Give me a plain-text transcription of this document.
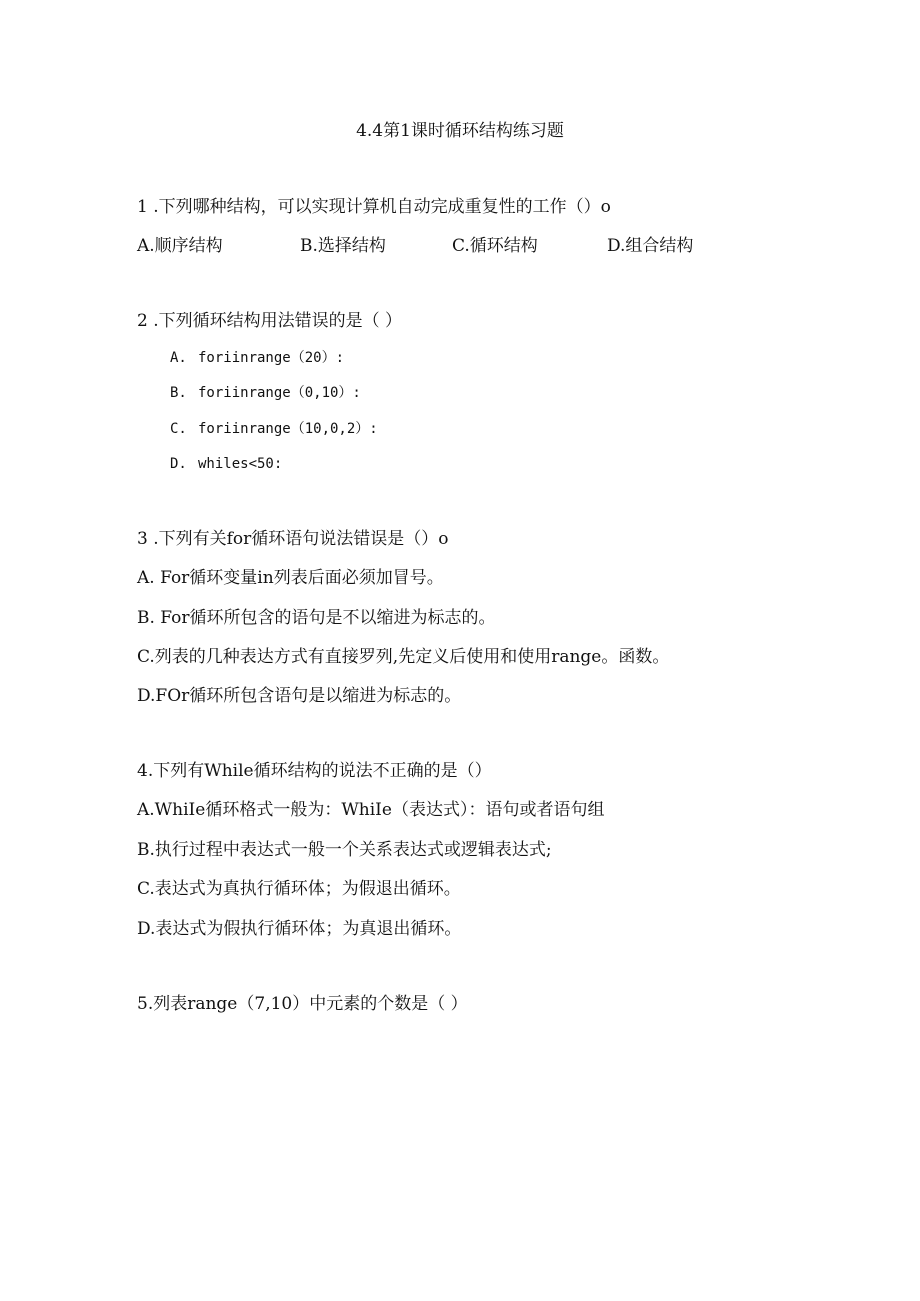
4.4第1课时循环结构练习题
1 .下列哪种结构，可以实现计算机自动完成重复性的工作（）o
A.顺序结构	B.选择结构	C.循环结构	D.组合结构
2 .下列循环结构用法错误的是（ ）
A. foriinrange（20）:
B. foriinrange（0,10）:
C. foriinrange（10,0,2）:
D. whiles<50:
3 .下列有关for循环语句说法错误是（）o
A. For循环变量in列表后面必须加冒号。
B. For循环所包含的语句是不以缩进为标志的。
C.列表的几种表达方式有直接罗列,先定义后使用和使用range。函数。
D.FOr循环所包含语句是以缩进为标志的。
4.下列有While循环结构的说法不正确的是（）
A.WhiIe循环格式一般为：WhiIe（表达式）：语句或者语句组
B.执行过程中表达式一般一个关系表达式或逻辑表达式;
C.表达式为真执行循环体；为假退出循环。
D.表达式为假执行循环体；为真退出循环。
5.列表range（7,10）中元素的个数是（ ）
